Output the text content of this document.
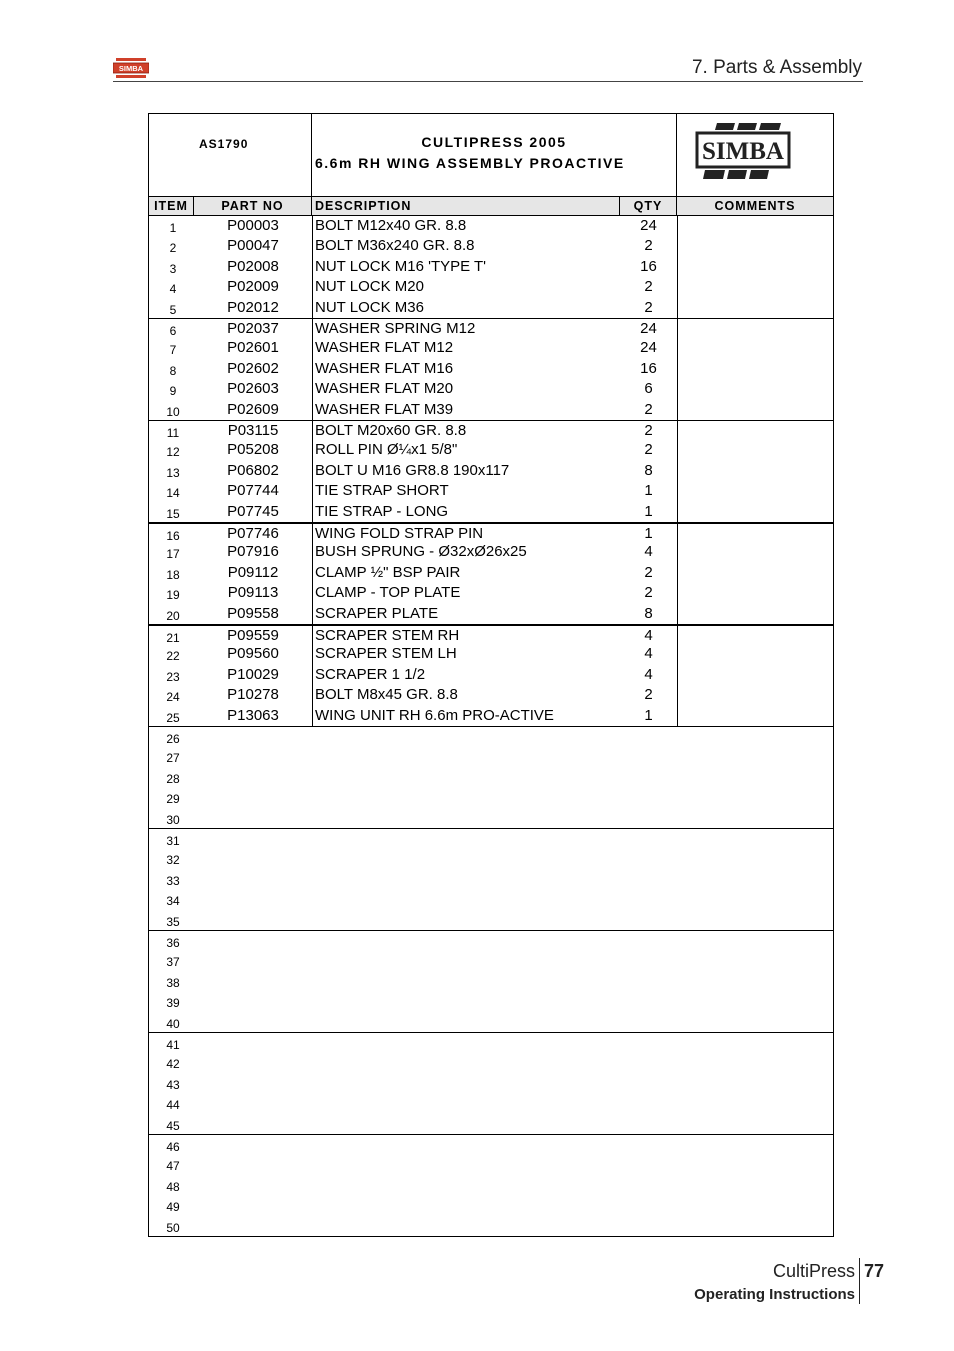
SIMBA	7. Parts & Assembly
AS1790	CULTIPRESS 2005
6.6m RH WING ASSEMBLY PROACTIVE	SIMBA
ITEM	PART NO	DESCRIPTION	QTY	COMMENTS
1	P00003	BOLT M12x40 GR. 8.8	24
2	P00047	BOLT M36x240 GR. 8.8	2
3	P02008	NUT LOCK M16 'TYPE T'	16
4	P02009	NUT LOCK M20	2
5	P02012	NUT LOCK M36	2
6	P02037	WASHER SPRING M12	24
7	P02601	WASHER FLAT M12	24
8	P02602	WASHER FLAT M16	16
9	P02603	WASHER FLAT M20	6
10	P02609	WASHER FLAT M39	2
11	P03115	BOLT M20x60 GR. 8.8	2
12	P05208	ROLL PIN Ø¼x1 5/8"	2
13	P06802	BOLT U M16 GR8.8 190x117	8
14	P07744	TIE STRAP SHORT	1
15	P07745	TIE STRAP - LONG	1
16	P07746	WING FOLD STRAP PIN	1
17	P07916	BUSH SPRUNG - Ø32xØ26x25	4
18	P09112	CLAMP ½" BSP PAIR	2
19	P09113	CLAMP - TOP PLATE	2
20	P09558	SCRAPER PLATE	8
21	P09559	SCRAPER STEM RH	4
22	P09560	SCRAPER STEM LH	4
23	P10029	SCRAPER 1 1/2	4
24	P10278	BOLT M8x45 GR. 8.8	2
25	P13063	WING UNIT RH 6.6m PRO-ACTIVE	1
26
27
28
29
30
31
32
33
34
35
36
37
38
39
40
41
42
43
44
45
46
47
48
49
50
CultiPress 77
Operating Instructions
